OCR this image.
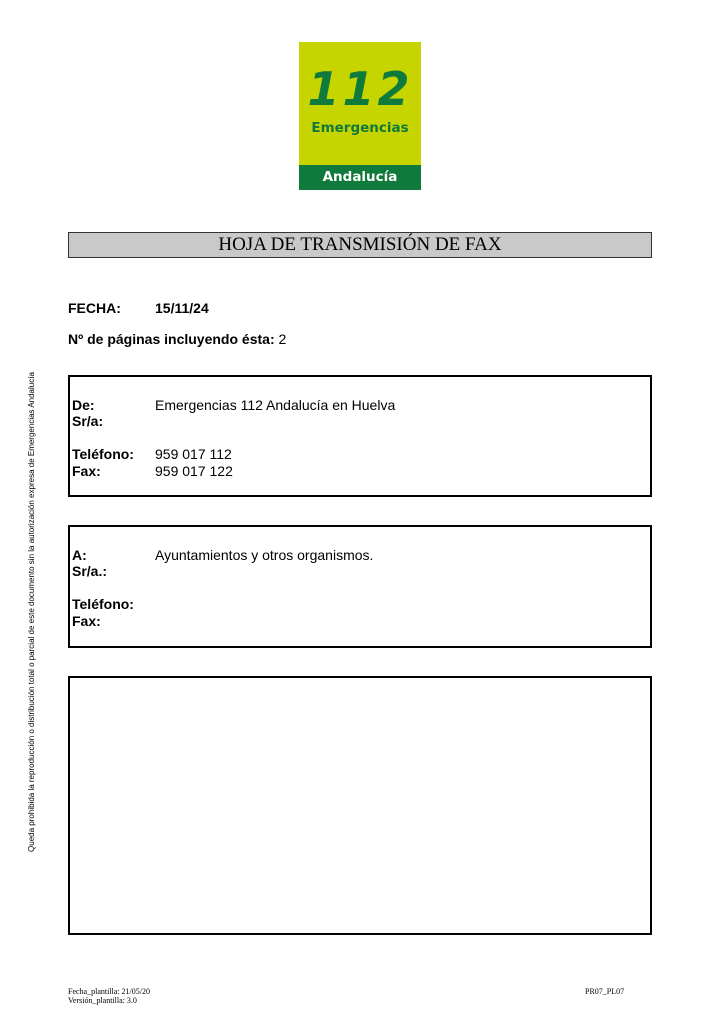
112
Emergencias
Andalucía
HOJA DE TRANSMISIÓN DE FAX
FECHA: 15/11/24
Nº de páginas incluyendo ésta: 2
De:	Emergencias 112 Andalucía en Huelva
Sr/a:
Teléfono: 959 017 112
Fax:	959 017 122
A:	Ayuntamientos y otros organismos.
Sr/a.:
Teléfono:
Fax:
Queda prohibida la reproducción o distribución total o parcial de este documento sin la autorización expresa de Emergencias Andalucía
Fecha_plantilla: 21/05/20
Versión_plantilla: 3.0
PR07_PL07
